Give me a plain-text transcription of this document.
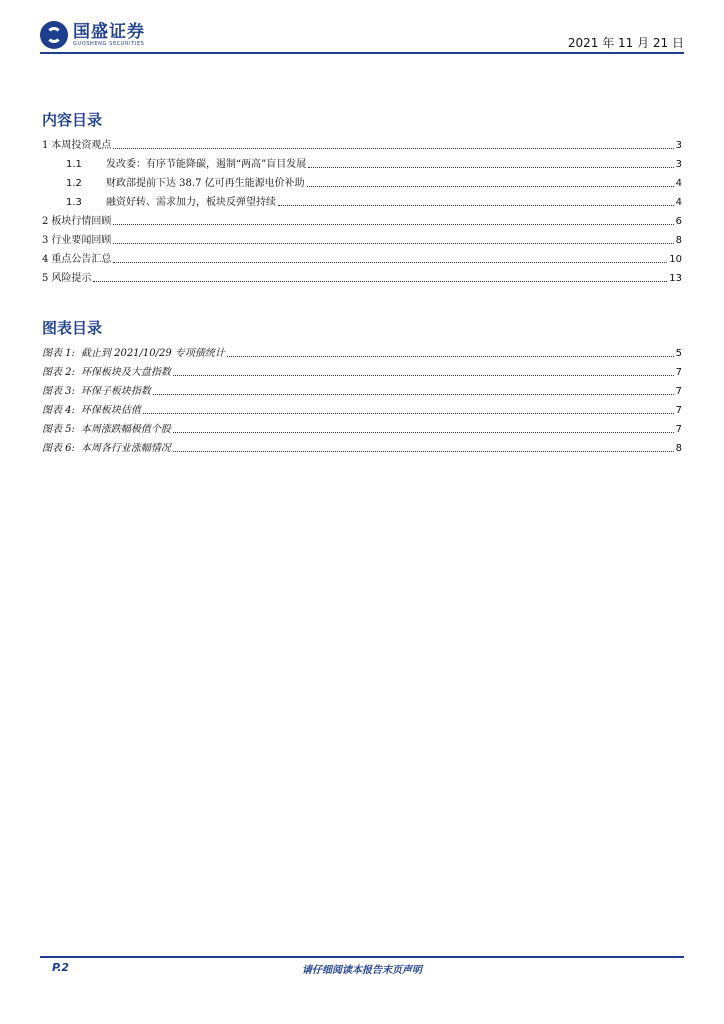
国盛证券
GUOSHENG SECURITIES	2021 年 11 月 21 日
内容目录
1 本周投资观点	3
1.1	发改委：有序节能降碳，遏制“两高”盲目发展	3
1.2	财政部提前下达 38.7 亿可再生能源电价补助	4
1.3	融资好转、需求加力，板块反弹望持续	4
2 板块行情回顾	6
3 行业要闻回顾	8
4 重点公告汇总	10
5 风险提示	13
图表目录
图表 1: 截止到 2021/10/29 专项债统计	5
图表 2: 环保板块及大盘指数	7
图表 3: 环保子板块指数	7
图表 4: 环保板块估值	7
图表 5: 本周涨跌幅极值个股	7
图表 6: 本周各行业涨幅情况	8
P.2	请仔细阅读本报告末页声明
